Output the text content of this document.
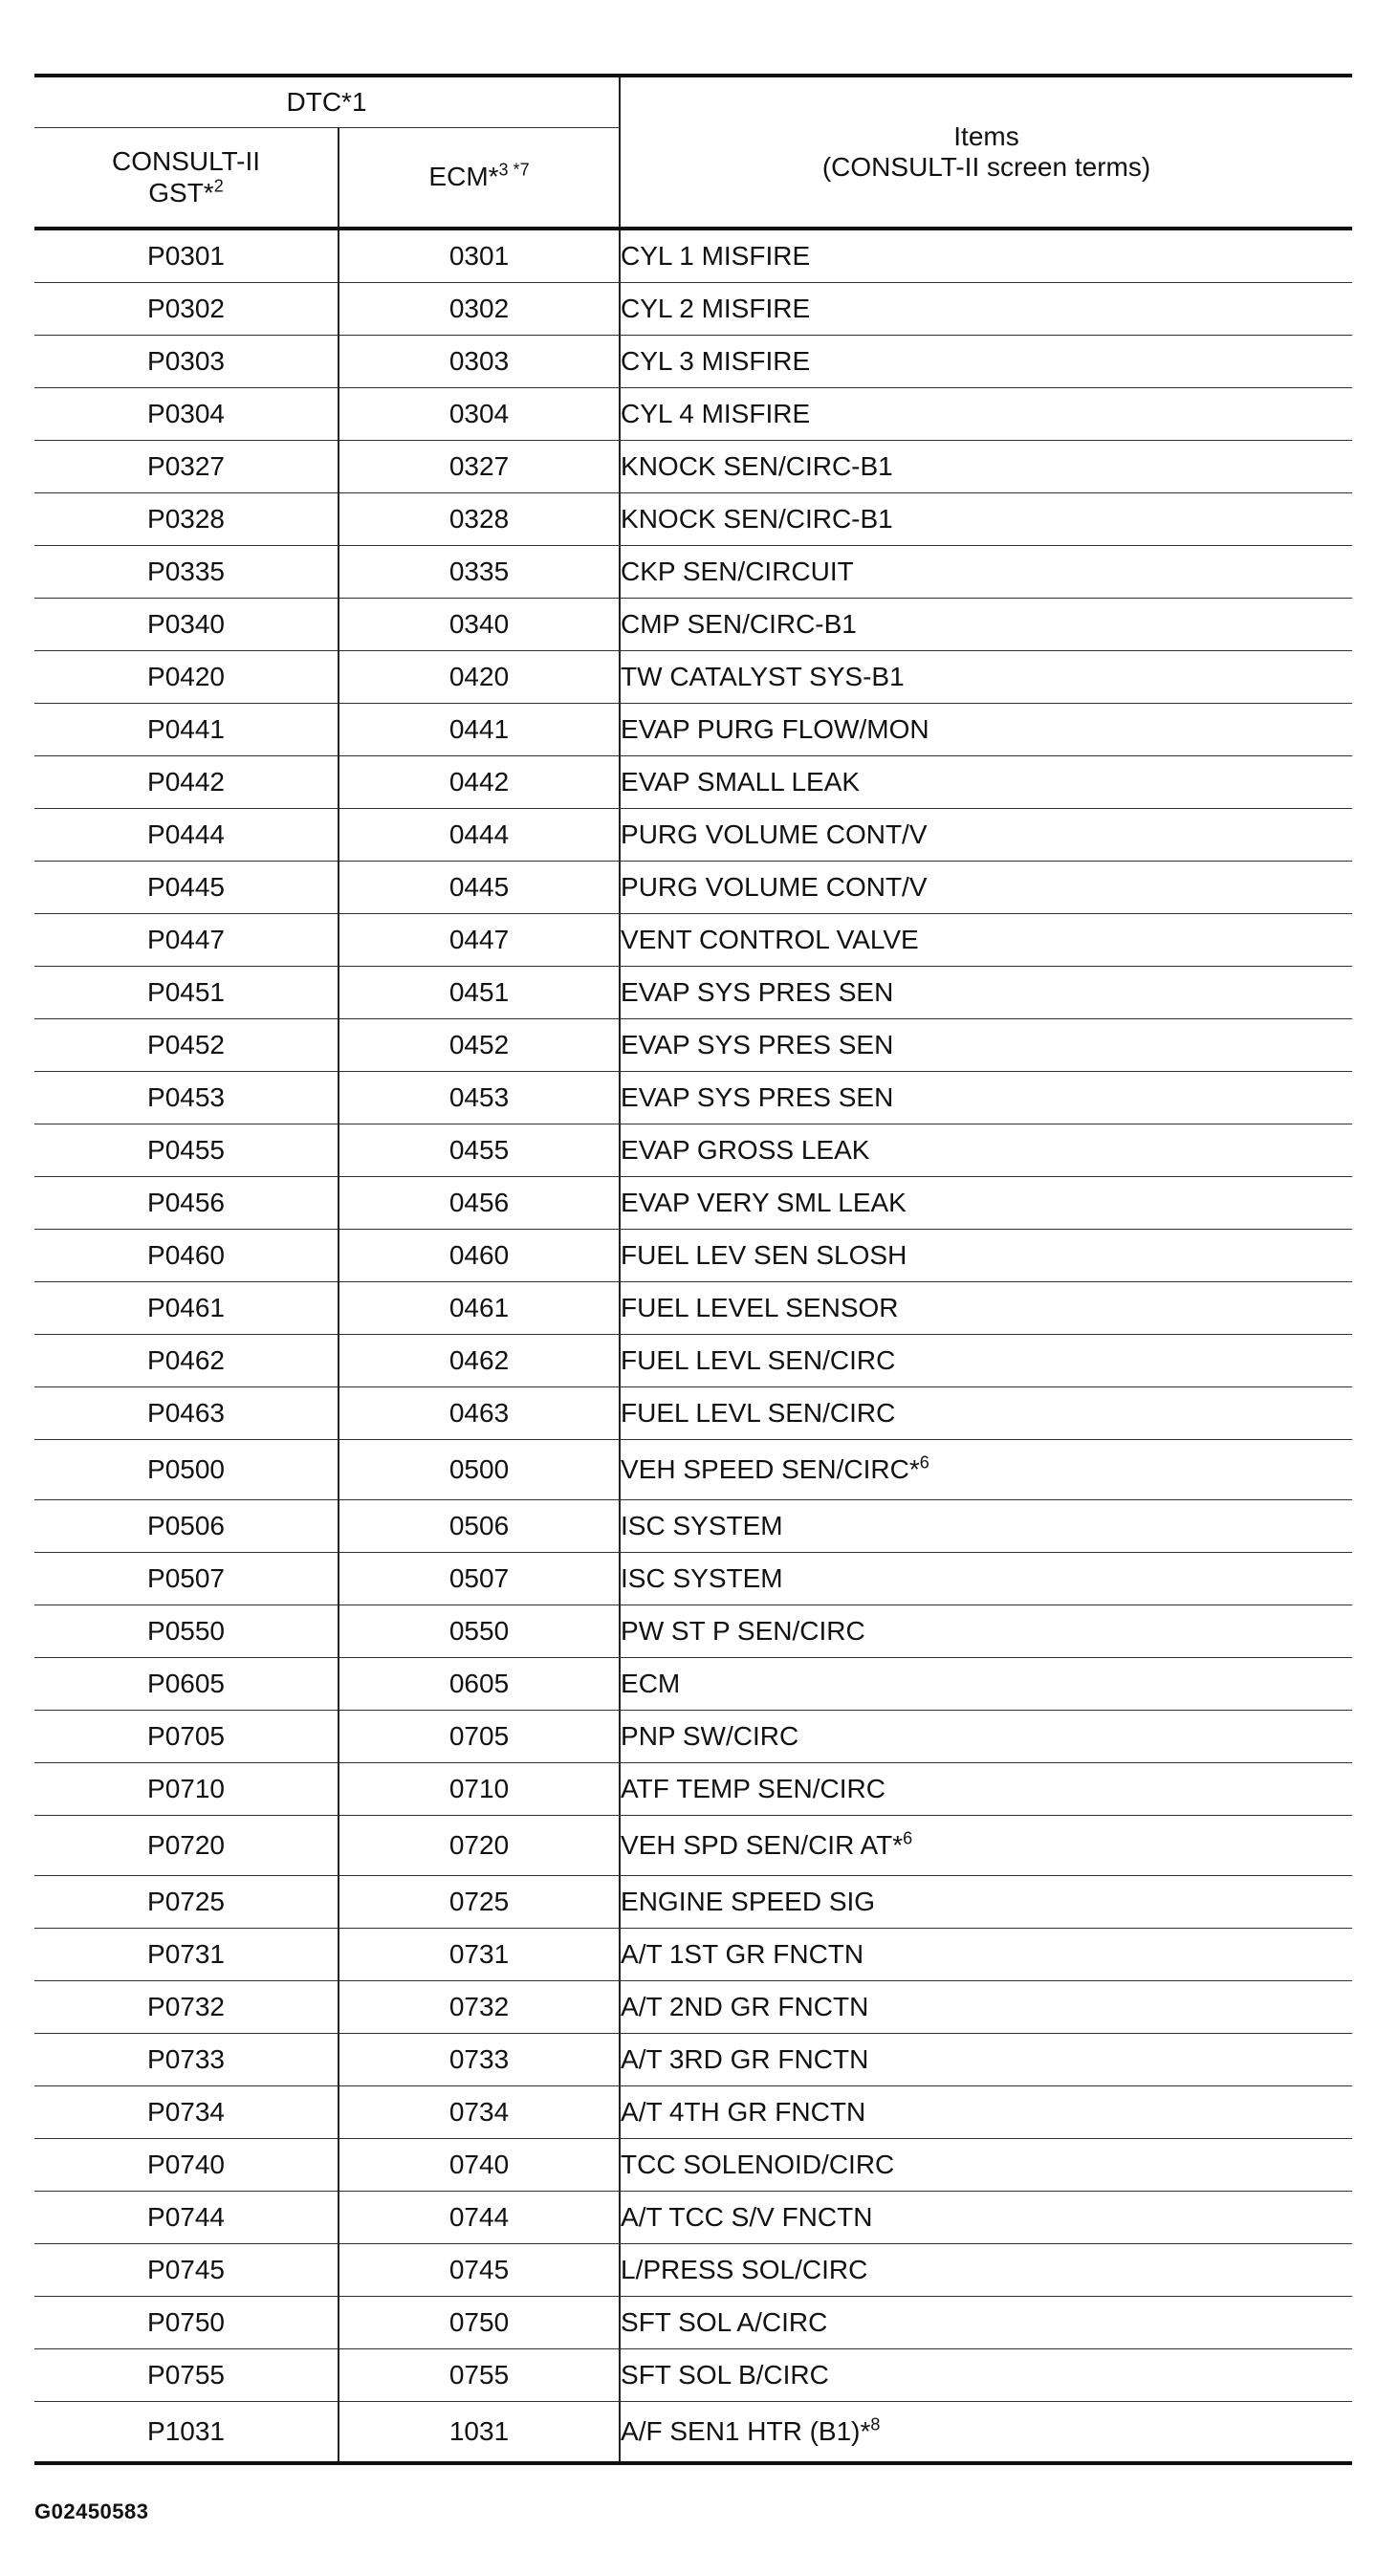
DTC*1		Items
(CONSULT-II screen terms)

CONSULT-II
GST*$^2$	ECM*$^{3 *7}$
P0301	0301	CYL 1 MISFIRE
P0302	0302	CYL 2 MISFIRE
P0303	0303	CYL 3 MISFIRE
P0304	0304	CYL 4 MISFIRE
P0327	0327	KNOCK SEN/CIRC-B1
P0328	0328	KNOCK SEN/CIRC-B1
P0335	0335	CKP SEN/CIRCUIT
P0340	0340	CMP SEN/CIRC-B1
P0420	0420	TW CATALYST SYS-B1
P0441	0441	EVAP PURG FLOW/MON
P0442	0442	EVAP SMALL LEAK
P0444	0444	PURG VOLUME CONT/V
P0445	0445	PURG VOLUME CONT/V
P0447	0447	VENT CONTROL VALVE
P0451	0451	EVAP SYS PRES SEN
P0452	0452	EVAP SYS PRES SEN
P0453	0453	EVAP SYS PRES SEN
P0455	0455	EVAP GROSS LEAK
P0456	0456	EVAP VERY SML LEAK
P0460	0460	FUEL LEV SEN SLOSH
P0461	0461	FUEL LEVEL SENSOR
P0462	0462	FUEL LEVL SEN/CIRC
P0463	0463	FUEL LEVL SEN/CIRC
P0500	0500	VEH SPEED SEN/CIRC*$^6$
P0506	0506	ISC SYSTEM
P0507	0507	ISC SYSTEM
P0550	0550	PW ST P SEN/CIRC
P0605	0605	ECM
P0705	0705	PNP SW/CIRC
P0710	0710	ATF TEMP SEN/CIRC
P0720	0720	VEH SPD SEN/CIR AT*$^6$
P0725	0725	ENGINE SPEED SIG
P0731	0731	A/T 1ST GR FNCTN
P0732	0732	A/T 2ND GR FNCTN
P0733	0733	A/T 3RD GR FNCTN
P0734	0734	A/T 4TH GR FNCTN
P0740	0740	TCC SOLENOID/CIRC
P0744	0744	A/T TCC S/V FNCTN
P0745	0745	L/PRESS SOL/CIRC
P0750	0750	SFT SOL A/CIRC
P0755	0755	SFT SOL B/CIRC
P1031	1031	A/F SEN1 HTR (B1)*$^8$
G02450583
